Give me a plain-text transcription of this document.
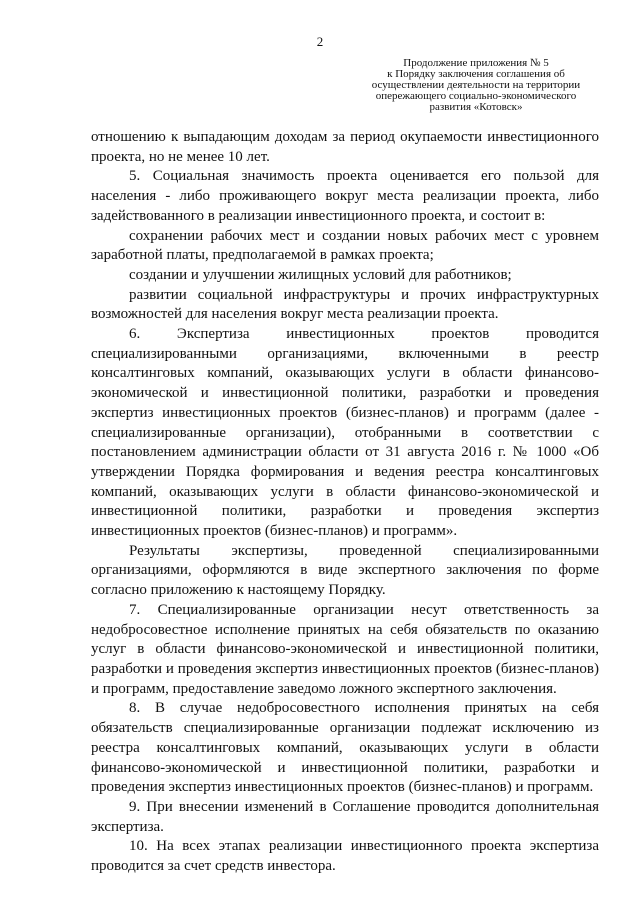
2
Продолжение приложения № 5
к Порядку заключения соглашения об
осуществлении деятельности на территории
опережающего социально-экономического
развития «Котовск»

отношению к выпадающим доходам за период окупаемости инвестиционного проекта, но не менее 10 лет.

5. Социальная значимость проекта оценивается его пользой для населения - либо проживающего вокруг места реализации проекта, либо задействованного в реализации инвестиционного проекта, и состоит в:

сохранении рабочих мест и создании новых рабочих мест с уровнем заработной платы, предполагаемой в рамках проекта;

создании и улучшении жилищных условий для работников;

развитии социальной инфраструктуры и прочих инфраструктурных возможностей для населения вокруг места реализации проекта.

6. Экспертиза инвестиционных проектов проводится специализированными организациями, включенными в реестр консалтинговых компаний, оказывающих услуги в области финансово-экономической и инвестиционной политики, разработки и проведения экспертиз инвестиционных проектов (бизнес-планов) и программ (далее - специализированные организации), отобранными в соответствии с постановлением администрации области от 31 августа 2016 г. № 1000 «Об утверждении Порядка формирования и ведения реестра консалтинговых компаний, оказывающих услуги в области финансово-экономической и инвестиционной политики, разработки и проведения экспертиз инвестиционных проектов (бизнес-планов) и программ».

Результаты экспертизы, проведенной специализированными организациями, оформляются в виде экспертного заключения по форме согласно приложению к настоящему Порядку.

7. Специализированные организации несут ответственность за недобросовестное исполнение принятых на себя обязательств по оказанию услуг в области финансово-экономической и инвестиционной политики, разработки и проведения экспертиз инвестиционных проектов (бизнес-планов) и программ, предоставление заведомо ложного экспертного заключения.

8. В случае недобросовестного исполнения принятых на себя обязательств специализированные организации подлежат исключению из реестра консалтинговых компаний, оказывающих услуги в области финансово-экономической и инвестиционной политики, разработки и проведения экспертиз инвестиционных проектов (бизнес-планов) и программ.

9. При внесении изменений в Соглашение проводится дополнительная экспертиза.

10. На всех этапах реализации инвестиционного проекта экспертиза проводится за счет средств инвестора.
